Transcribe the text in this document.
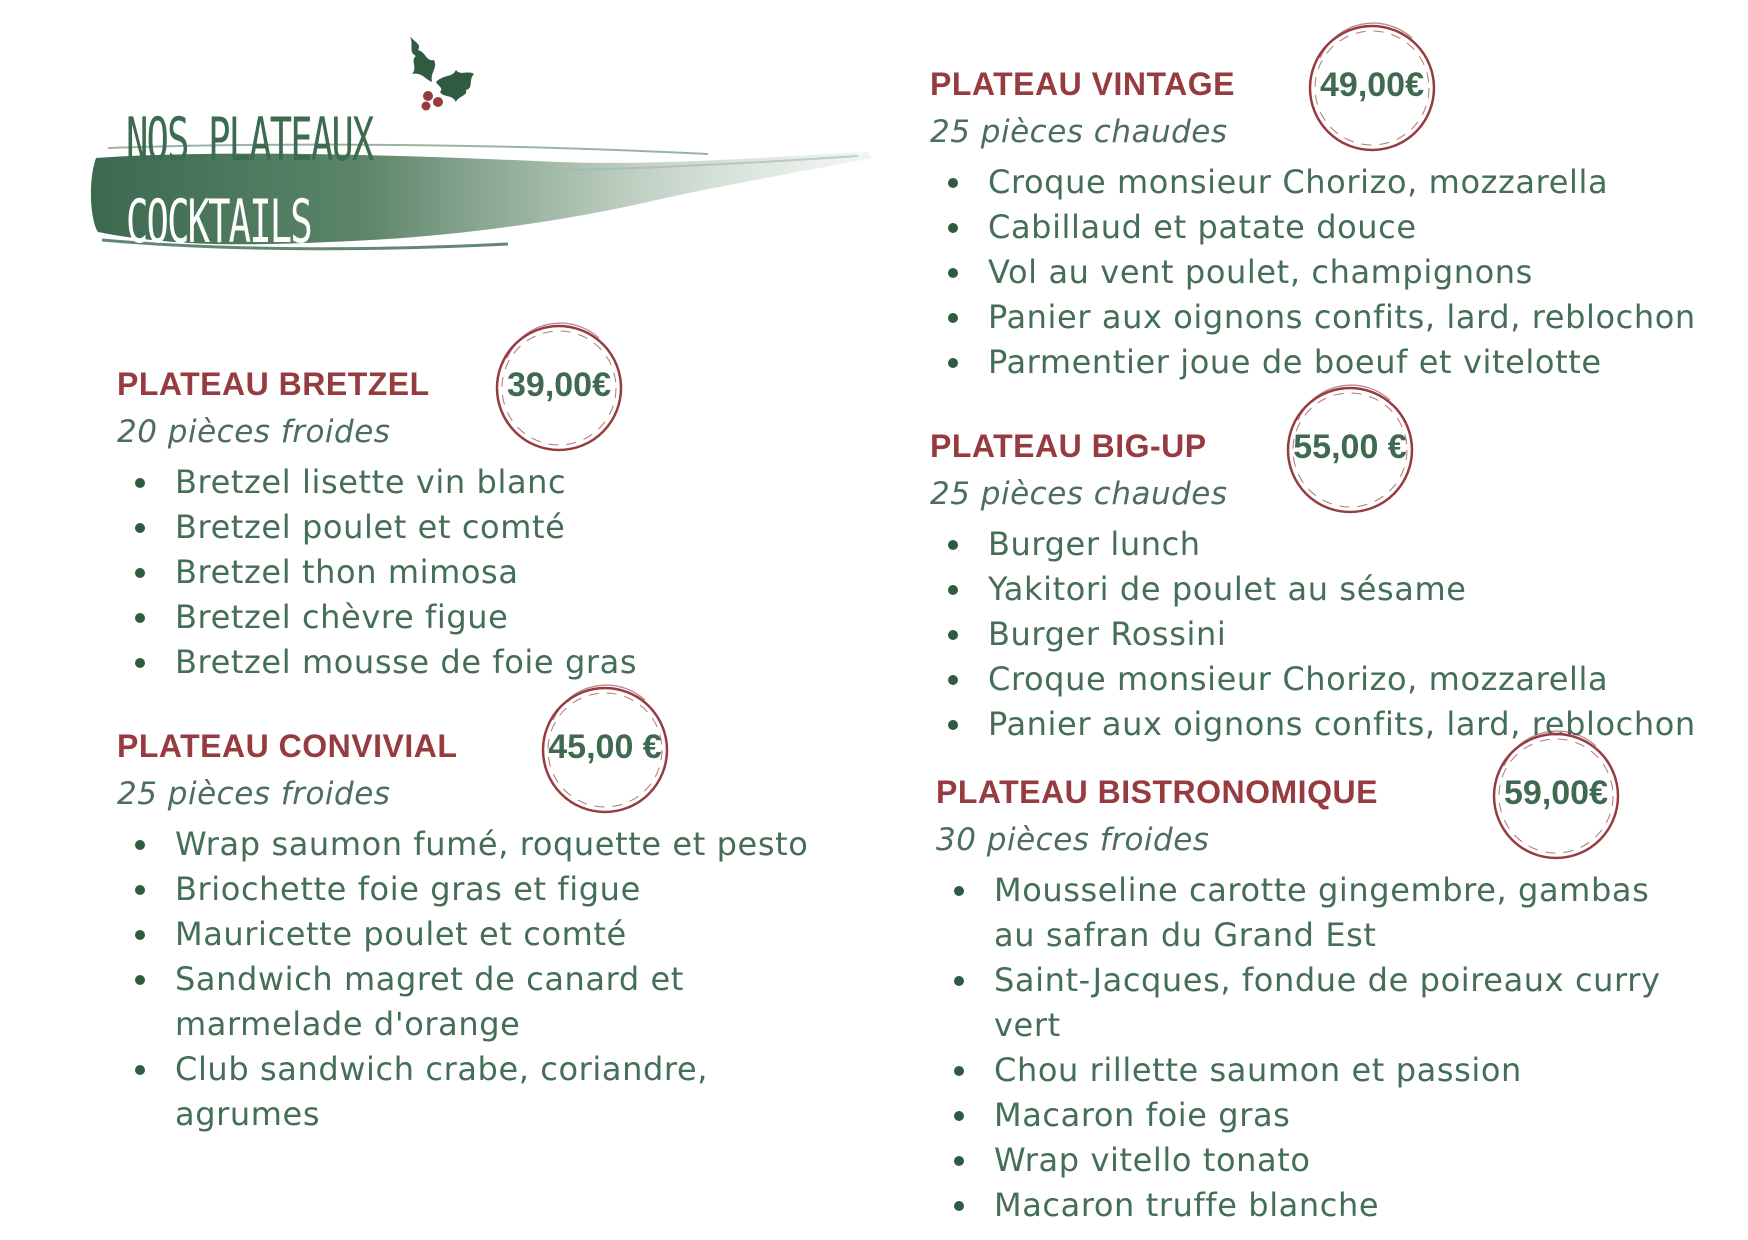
NOS PLATEAUX
COCKTAILS
PLATEAU BRETZEL	39,00€
20 pièces froides
Bretzel lisette vin blanc
Bretzel poulet et comté
Bretzel thon mimosa
Bretzel chèvre figue
Bretzel mousse de foie gras
PLATEAU CONVIVIAL	45,00 €
25 pièces froides
Wrap saumon fumé, roquette et pesto
Briochette foie gras et figue
Mauricette poulet et comté
Sandwich magret de canard et
marmelade d'orange
Club sandwich crabe, coriandre,
agrumes
PLATEAU VINTAGE	49,00€
25 pièces chaudes
Croque monsieur Chorizo, mozzarella
Cabillaud et patate douce
Vol au vent poulet, champignons
Panier aux oignons confits, lard, reblochon
Parmentier joue de boeuf et vitelotte
PLATEAU BIG-UP	55,00 €
25 pièces chaudes
Burger lunch
Yakitori de poulet au sésame
Burger Rossini
Croque monsieur Chorizo, mozzarella
Panier aux oignons confits, lard, reblochon
PLATEAU BISTRONOMIQUE	59,00€
30 pièces froides
Mousseline carotte gingembre, gambas
au safran du Grand Est
Saint-Jacques, fondue de poireaux curry
vert
Chou rillette saumon et passion
Macaron foie gras
Wrap vitello tonato
Macaron truffe blanche
